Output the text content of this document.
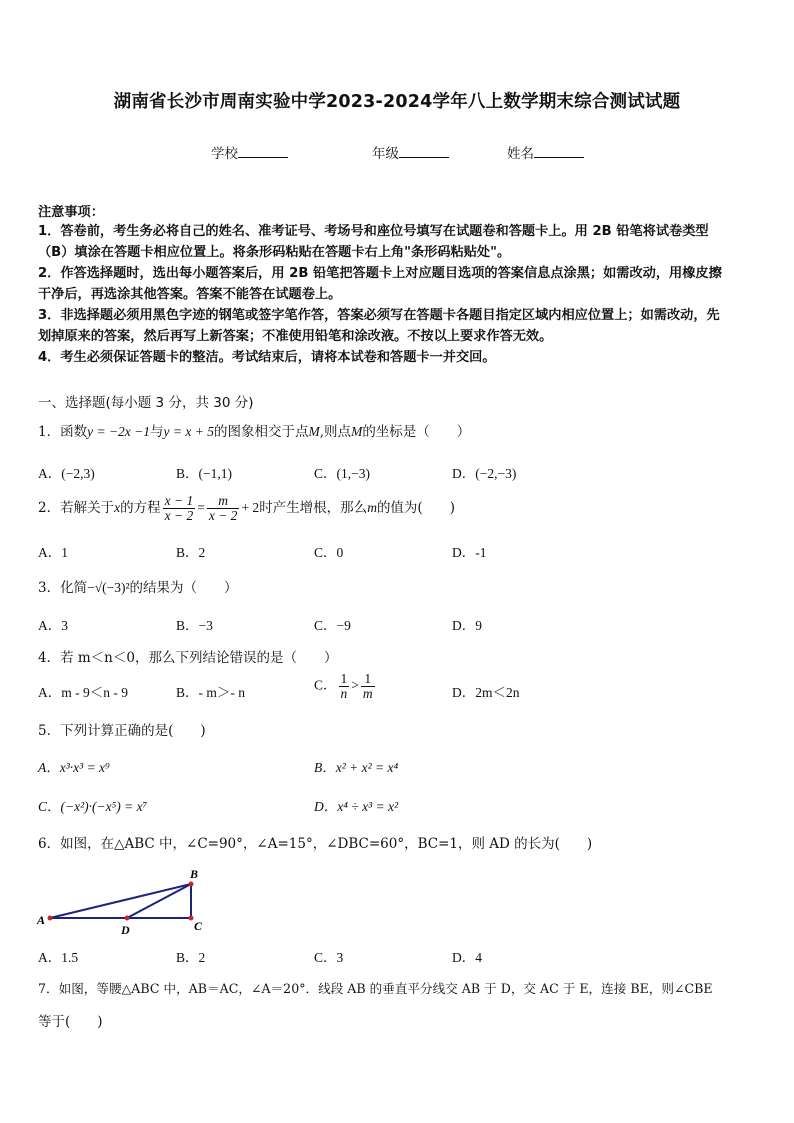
湖南省长沙市周南实验中学2023-2024学年八上数学期末综合测试试题
学校	年级	姓名
注意事项：
1．答卷前，考生务必将自己的姓名、准考证号、考场号和座位号填写在试题卷和答题卡上。用 2B 铅笔将试卷类型
（B）填涂在答题卡相应位置上。将条形码粘贴在答题卡右上角"条形码粘贴处"。
2．作答选择题时，选出每小题答案后，用 2B 铅笔把答题卡上对应题目选项的答案信息点涂黑；如需改动，用橡皮擦
干净后，再选涂其他答案。答案不能答在试题卷上。
3．非选择题必须用黑色字迹的钢笔或签字笔作答，答案必须写在答题卡各题目指定区域内相应位置上；如需改动，先
划掉原来的答案，然后再写上新答案；不准使用铅笔和涂改液。不按以上要求作答无效。
4．考生必须保证答题卡的整洁。考试结束后，请将本试卷和答题卡一并交回。
一、选择题(每小题 3 分，共 30 分)
1．函数y = −2x −1与y = x + 5的图象相交于点M,则点M的坐标是（　　）
A．(−2,3)	B．(−1,1)	C．(1,−3)	D．(−2,−3)
2．若解关于x的方程 $\frac{x - 1}{x - 2} = \frac{m}{x - 2} + 2$时产生增根，那么m的值为(　　)
A．1	B．2	C．0	D．-1
3．化简−√(−3)²的结果为（　　）
A．3	B．−3	C．−9	D．9
4．若 m＜n＜0，那么下列结论错误的是（　　）
A．m - 9＜n - 9	B．- m＞- n	C． $\frac{1}{n} > \frac{1}{m}$	D．2m＜2n
5．下列计算正确的是(　　)
A．x³·x³ = x⁹	B．x² + x² = x⁴
C．(−x²)·(−x⁵) = x⁷	D．x⁴ ÷ x³ = x²
6．如图，在△ABC 中，∠C=90°，∠A=15°，∠DBC=60°，BC=1，则 AD 的长为(　　)
A
D	C
B
A．1.5	B．2	C．3	D．4
7．如图，等腰△ABC 中，AB＝AC，∠A＝20°．线段 AB 的垂直平分线交 AB 于 D，交 AC 于 E，连接 BE，则∠CBE
等于(　　)
